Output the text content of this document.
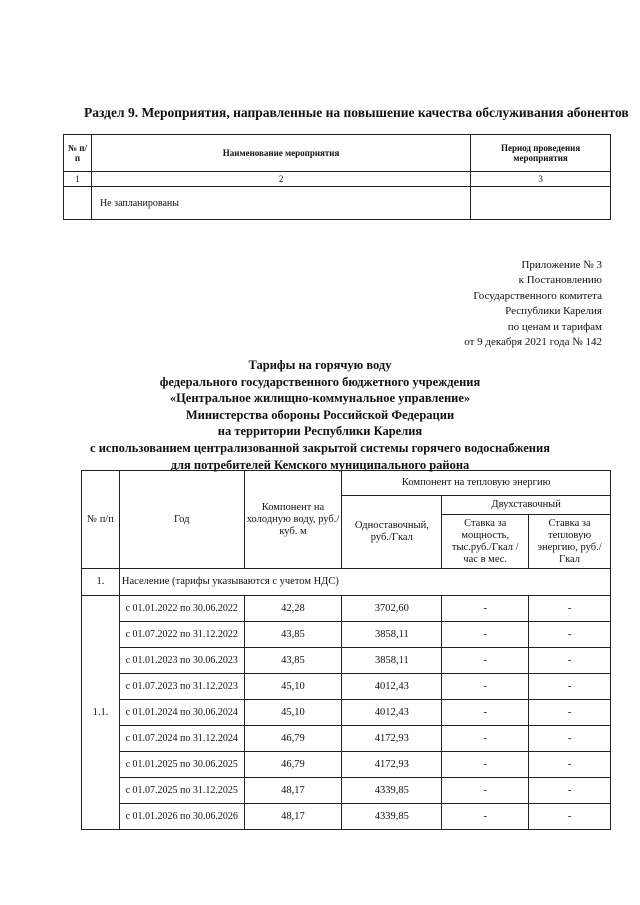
Раздел 9. Мероприятия, направленные на повышение качества обслуживания абонентов
№ п/п	Наименование мероприятия	Период проведения мероприятия
1	2	3
	Не запланированы	
Приложение № 3
к Постановлению
Государственного комитета
Республики Карелия
по ценам и тарифам
от 9 декабря 2021 года № 142
Тарифы на горячую воду
федерального государственного бюджетного учреждения
«Центральное жилищно-коммунальное управление»
Министерства обороны Российской Федерации
на территории Республики Карелия
с использованием централизованной закрытой системы горячего водоснабжения
для потребителей Кемского муниципального района
№ п/п	Год	Компонент на холодную воду, руб./куб. м	Компонент на тепловую энергию		
			Одноставочный, руб./Гкал	Двухставочный	
				Ставка за мощность, тыс.руб./Гкал / час в мес.	Ставка за тепловую энергию, руб./Гкал
1.	Население (тарифы указываются с учетом НДС)				
1.1.	с 01.01.2022 по 30.06.2022	42,28	3702,60	-	-
	с 01.07.2022 по 31.12.2022	43,85	3858,11	-	-
	с 01.01.2023 по 30.06.2023	43,85	3858,11	-	-
	с 01.07.2023 по 31.12.2023	45,10	4012,43	-	-
	с 01.01.2024 по 30.06.2024	45,10	4012,43	-	-
	с 01.07.2024 по 31.12.2024	46,79	4172,93	-	-
	с 01.01.2025 по 30.06.2025	46,79	4172,93	-	-
	с 01.07.2025 по 31.12.2025	48,17	4339,85	-	-
	с 01.01.2026 по 30.06.2026	48,17	4339,85	-	-
